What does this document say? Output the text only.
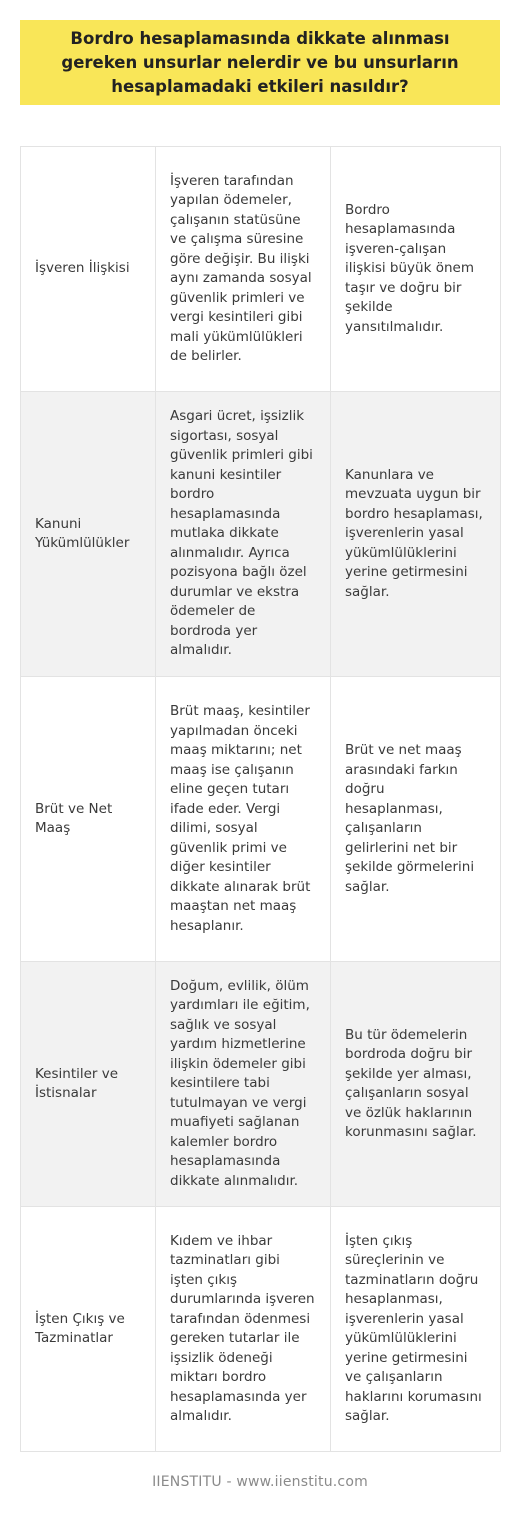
Bordro hesaplamasında dikkate alınması gereken unsurlar nelerdir ve bu unsurların hesaplamadaki etkileri nasıldır?
İşveren İlişkisi	İşveren tarafından yapılan ödemeler, çalışanın statüsüne ve çalışma süresine göre değişir. Bu ilişki aynı zamanda sosyal güvenlik primleri ve vergi kesintileri gibi mali yükümlülükleri de belirler.	Bordro hesaplamasında işveren-çalışan ilişkisi büyük önem taşır ve doğru bir şekilde yansıtılmalıdır.
Kanuni Yükümlülükler	Asgari ücret, işsizlik sigortası, sosyal güvenlik primleri gibi kanuni kesintiler bordro hesaplamasında mutlaka dikkate alınmalıdır. Ayrıca pozisyona bağlı özel durumlar ve ekstra ödemeler de bordroda yer almalıdır.	Kanunlara ve mevzuata uygun bir bordro hesaplaması, işverenlerin yasal yükümlülüklerini yerine getirmesini sağlar.
Brüt ve Net Maaş	Brüt maaş, kesintiler yapılmadan önceki maaş miktarını; net maaş ise çalışanın eline geçen tutarı ifade eder. Vergi dilimi, sosyal güvenlik primi ve diğer kesintiler dikkate alınarak brüt maaştan net maaş hesaplanır.	Brüt ve net maaş arasındaki farkın doğru hesaplanması, çalışanların gelirlerini net bir şekilde görmelerini sağlar.
Kesintiler ve İstisnalar	Doğum, evlilik, ölüm yardımları ile eğitim, sağlık ve sosyal yardım hizmetlerine ilişkin ödemeler gibi kesintilere tabi tutulmayan ve vergi muafiyeti sağlanan kalemler bordro hesaplamasında dikkate alınmalıdır.	Bu tür ödemelerin bordroda doğru bir şekilde yer alması, çalışanların sosyal ve özlük haklarının korunmasını sağlar.
İşten Çıkış ve Tazminatlar	Kıdem ve ihbar tazminatları gibi işten çıkış durumlarında işveren tarafından ödenmesi gereken tutarlar ile işsizlik ödeneği miktarı bordro hesaplamasında yer almalıdır.	İşten çıkış süreçlerinin ve tazminatların doğru hesaplanması, işverenlerin yasal yükümlülüklerini yerine getirmesini ve çalışanların haklarını korumasını sağlar.
IIENSTITU - www.iienstitu.com
